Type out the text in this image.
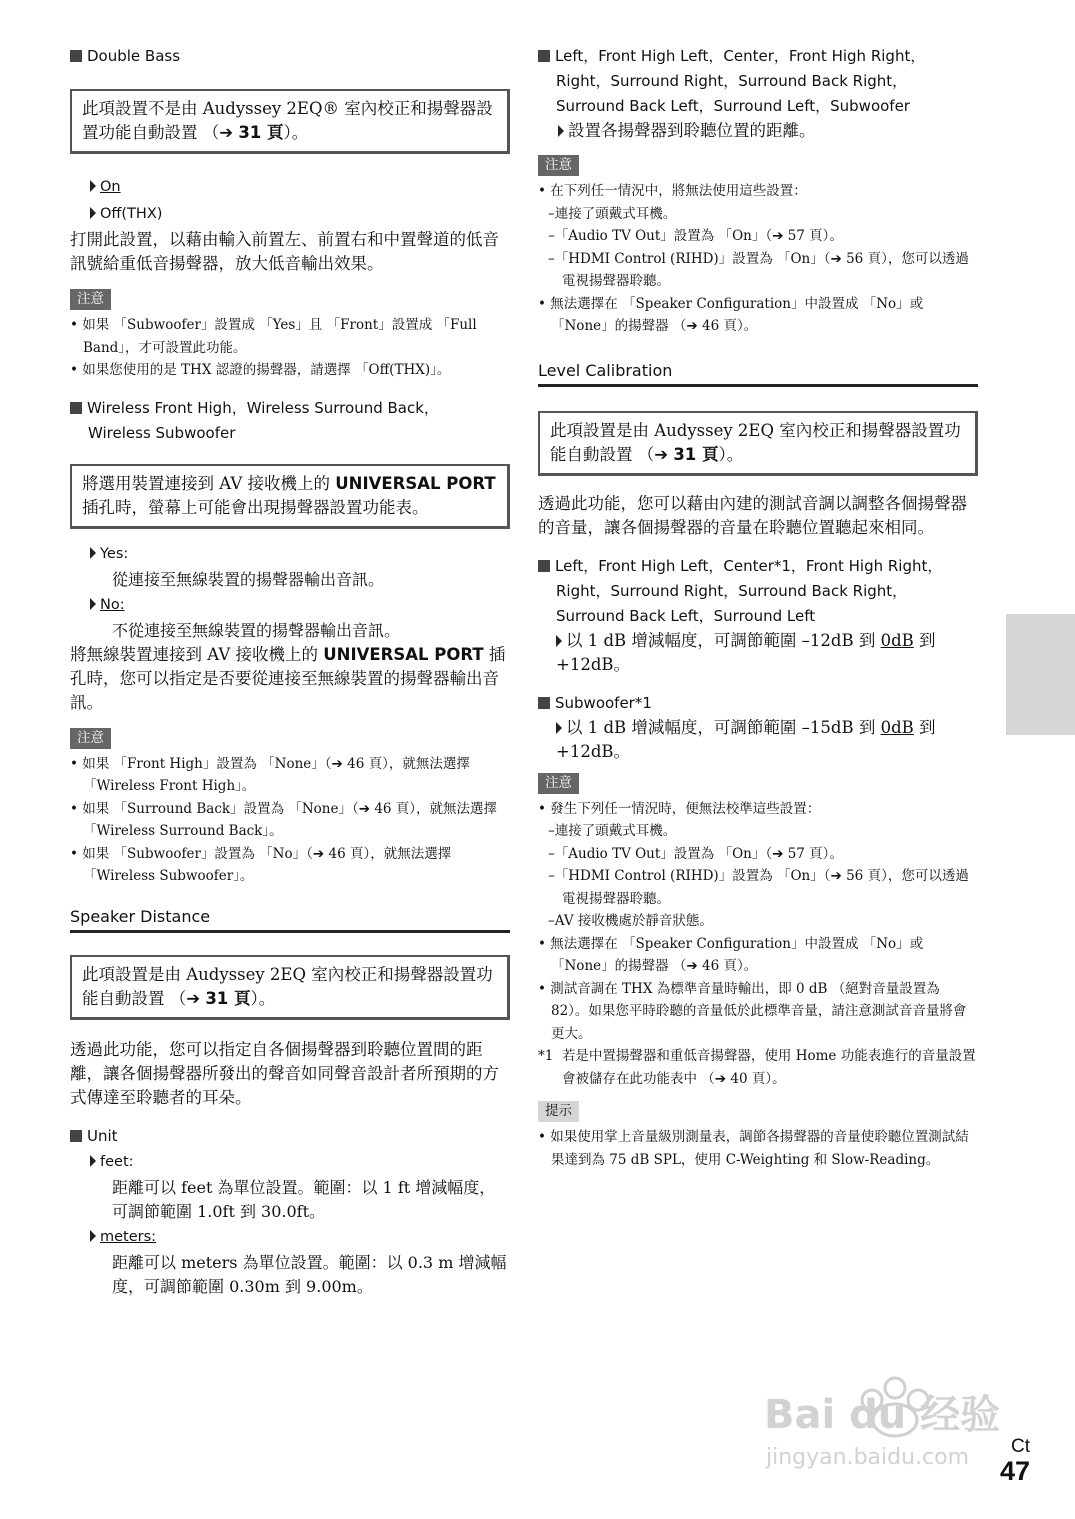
Double Bass
此項設置不是由 Audyssey 2EQ® 室內校正和揚聲器設置功能自動設置 （➔ 31 頁）。
On
Off(THX)
打開此設置，以藉由輸入前置左、前置右和中置聲道的低音訊號給重低音揚聲器，放大低音輸出效果。
注意
• 如果 「Subwoofer」設置成 「Yes」且 「Front」設置成 「Full Band」，才可設置此功能。
• 如果您使用的是 THX 認證的揚聲器，請選擇 「Off(THX)」。
Wireless Front High，Wireless Surround Back，
Wireless Subwoofer
將選用裝置連接到 AV 接收機上的 UNIVERSAL PORT 插孔時，螢幕上可能會出現揚聲器設置功能表。
Yes:
從連接至無線裝置的揚聲器輸出音訊。
No:
不從連接至無線裝置的揚聲器輸出音訊。
將無線裝置連接到 AV 接收機上的 UNIVERSAL PORT 插孔時，您可以指定是否要從連接至無線裝置的揚聲器輸出音訊。
注意
• 如果 「Front High」設置為 「None」（➔ 46 頁），就無法選擇 「Wireless Front High」。
• 如果 「Surround Back」設置為 「None」（➔ 46 頁），就無法選擇 「Wireless Surround Back」。
• 如果 「Subwoofer」設置為 「No」（➔ 46 頁），就無法選擇 「Wireless Subwoofer」。
Speaker Distance
此項設置是由 Audyssey 2EQ 室內校正和揚聲器設置功能自動設置 （➔ 31 頁）。
透過此功能，您可以指定自各個揚聲器到聆聽位置間的距離，讓各個揚聲器所發出的聲音如同聲音設計者所預期的方式傳達至聆聽者的耳朵。
Unit
feet:
距離可以 feet 為單位設置。範圍：以 1 ft 增減幅度，可調節範圍 1.0ft 到 30.0ft。
meters:
距離可以 meters 為單位設置。範圍：以 0.3 m 增減幅度，可調節範圍 0.30m 到 9.00m。
Left，Front High Left，Center，Front High Right，
Right，Surround Right，Surround Back Right，
Surround Back Left，Surround Left，Subwoofer
設置各揚聲器到聆聽位置的距離。
注意
• 在下列任一情況中，將無法使用這些設置：
–連接了頭戴式耳機。
–「Audio TV Out」設置為 「On」（➔ 57 頁）。
–「HDMI Control (RIHD)」設置為 「On」（➔ 56 頁），您可以透過電視揚聲器聆聽。
• 無法選擇在 「Speaker Configuration」中設置成 「No」或 「None」的揚聲器 （➔ 46 頁）。
Level Calibration
此項設置是由 Audyssey 2EQ 室內校正和揚聲器設置功能自動設置 （➔ 31 頁）。
透過此功能，您可以藉由內建的測試音調以調整各個揚聲器的音量，讓各個揚聲器的音量在聆聽位置聽起來相同。
Left，Front High Left，Center*1，Front High Right，
Right，Surround Right，Surround Back Right，
Surround Back Left，Surround Left
以 1 dB 增減幅度，可調節範圍 –12dB 到 0dB 到 +12dB。
Subwoofer*1
以 1 dB 增減幅度，可調節範圍 –15dB 到 0dB 到 +12dB。
注意
• 發生下列任一情況時，便無法校準這些設置：
–連接了頭戴式耳機。
–「Audio TV Out」設置為 「On」（➔ 57 頁）。
–「HDMI Control (RIHD)」設置為 「On」（➔ 56 頁），您可以透過電視揚聲器聆聽。
–AV 接收機處於靜音狀態。
• 無法選擇在 「Speaker Configuration」中設置成 「No」或 「None」的揚聲器 （➔ 46 頁）。
• 測試音調在 THX 為標準音量時輸出，即 0 dB （絕對音量設置為 82）。如果您平時聆聽的音量低於此標準音量，請注意測試音音量將會更大。
*1 若是中置揚聲器和重低音揚聲器，使用 Home 功能表進行的音量設置會被儲存在此功能表中 （➔ 40 頁）。
提示
• 如果使用掌上音量級別測量表，調節各揚聲器的音量使聆聽位置測試結果達到為 75 dB SPL，使用 C-Weighting 和 Slow-Reading。
Bai du 经验
jingyan.baidu.com Ct
47
